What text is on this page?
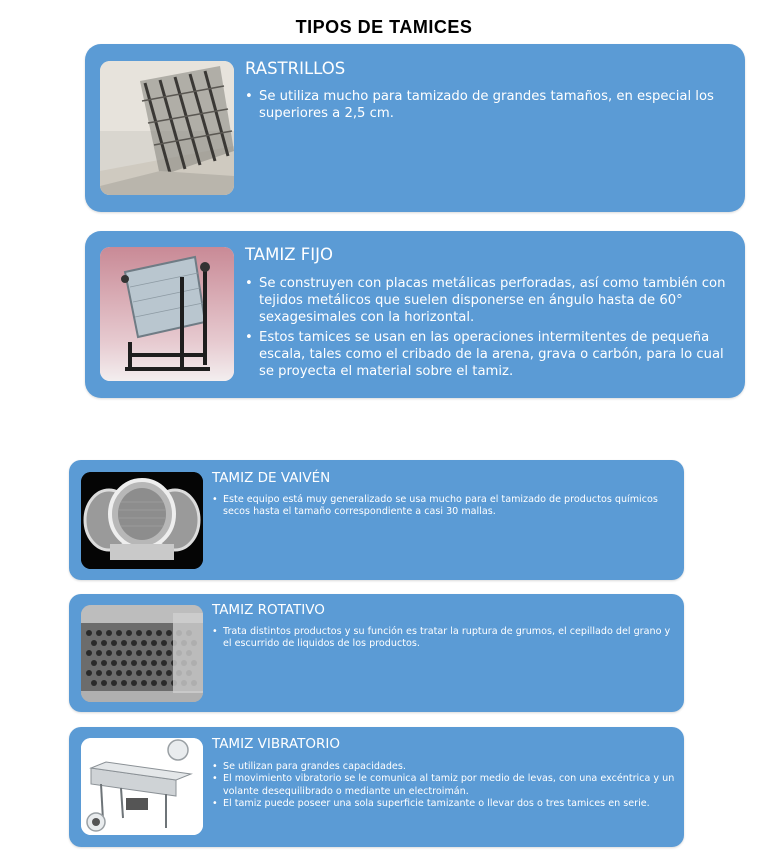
TIPOS DE TAMICES
RASTRILLOS
• Se utiliza mucho para tamizado de grandes tamaños, en especial los superiores a 2,5 cm.
TAMIZ FIJO
• Se construyen con placas metálicas perforadas, así como también con tejidos metálicos que suelen disponerse en ángulo hasta de 60° sexagesimales con la horizontal.
• Estos tamices se usan en las operaciones intermitentes de pequeña escala, tales como el cribado de la arena, grava o carbón, para lo cual se proyecta el material sobre el tamiz.
TAMIZ DE VAIVÉN
• Este equipo está muy generalizado se usa mucho para el tamizado de productos químicos secos hasta el tamaño correspondiente a casi 30 mallas.
TAMIZ ROTATIVO
• Trata distintos productos y su función es tratar la ruptura de grumos, el cepillado del grano y el escurrido de liquidos de los productos.
TAMIZ VIBRATORIO
• Se utilizan para grandes capacidades.
• El movimiento vibratorio se le comunica al tamiz por medio de levas, con una excéntrica y un volante desequilibrado o mediante un electroimán.
• El tamiz puede poseer una sola superficie tamizante o llevar dos o tres tamices en serie.
